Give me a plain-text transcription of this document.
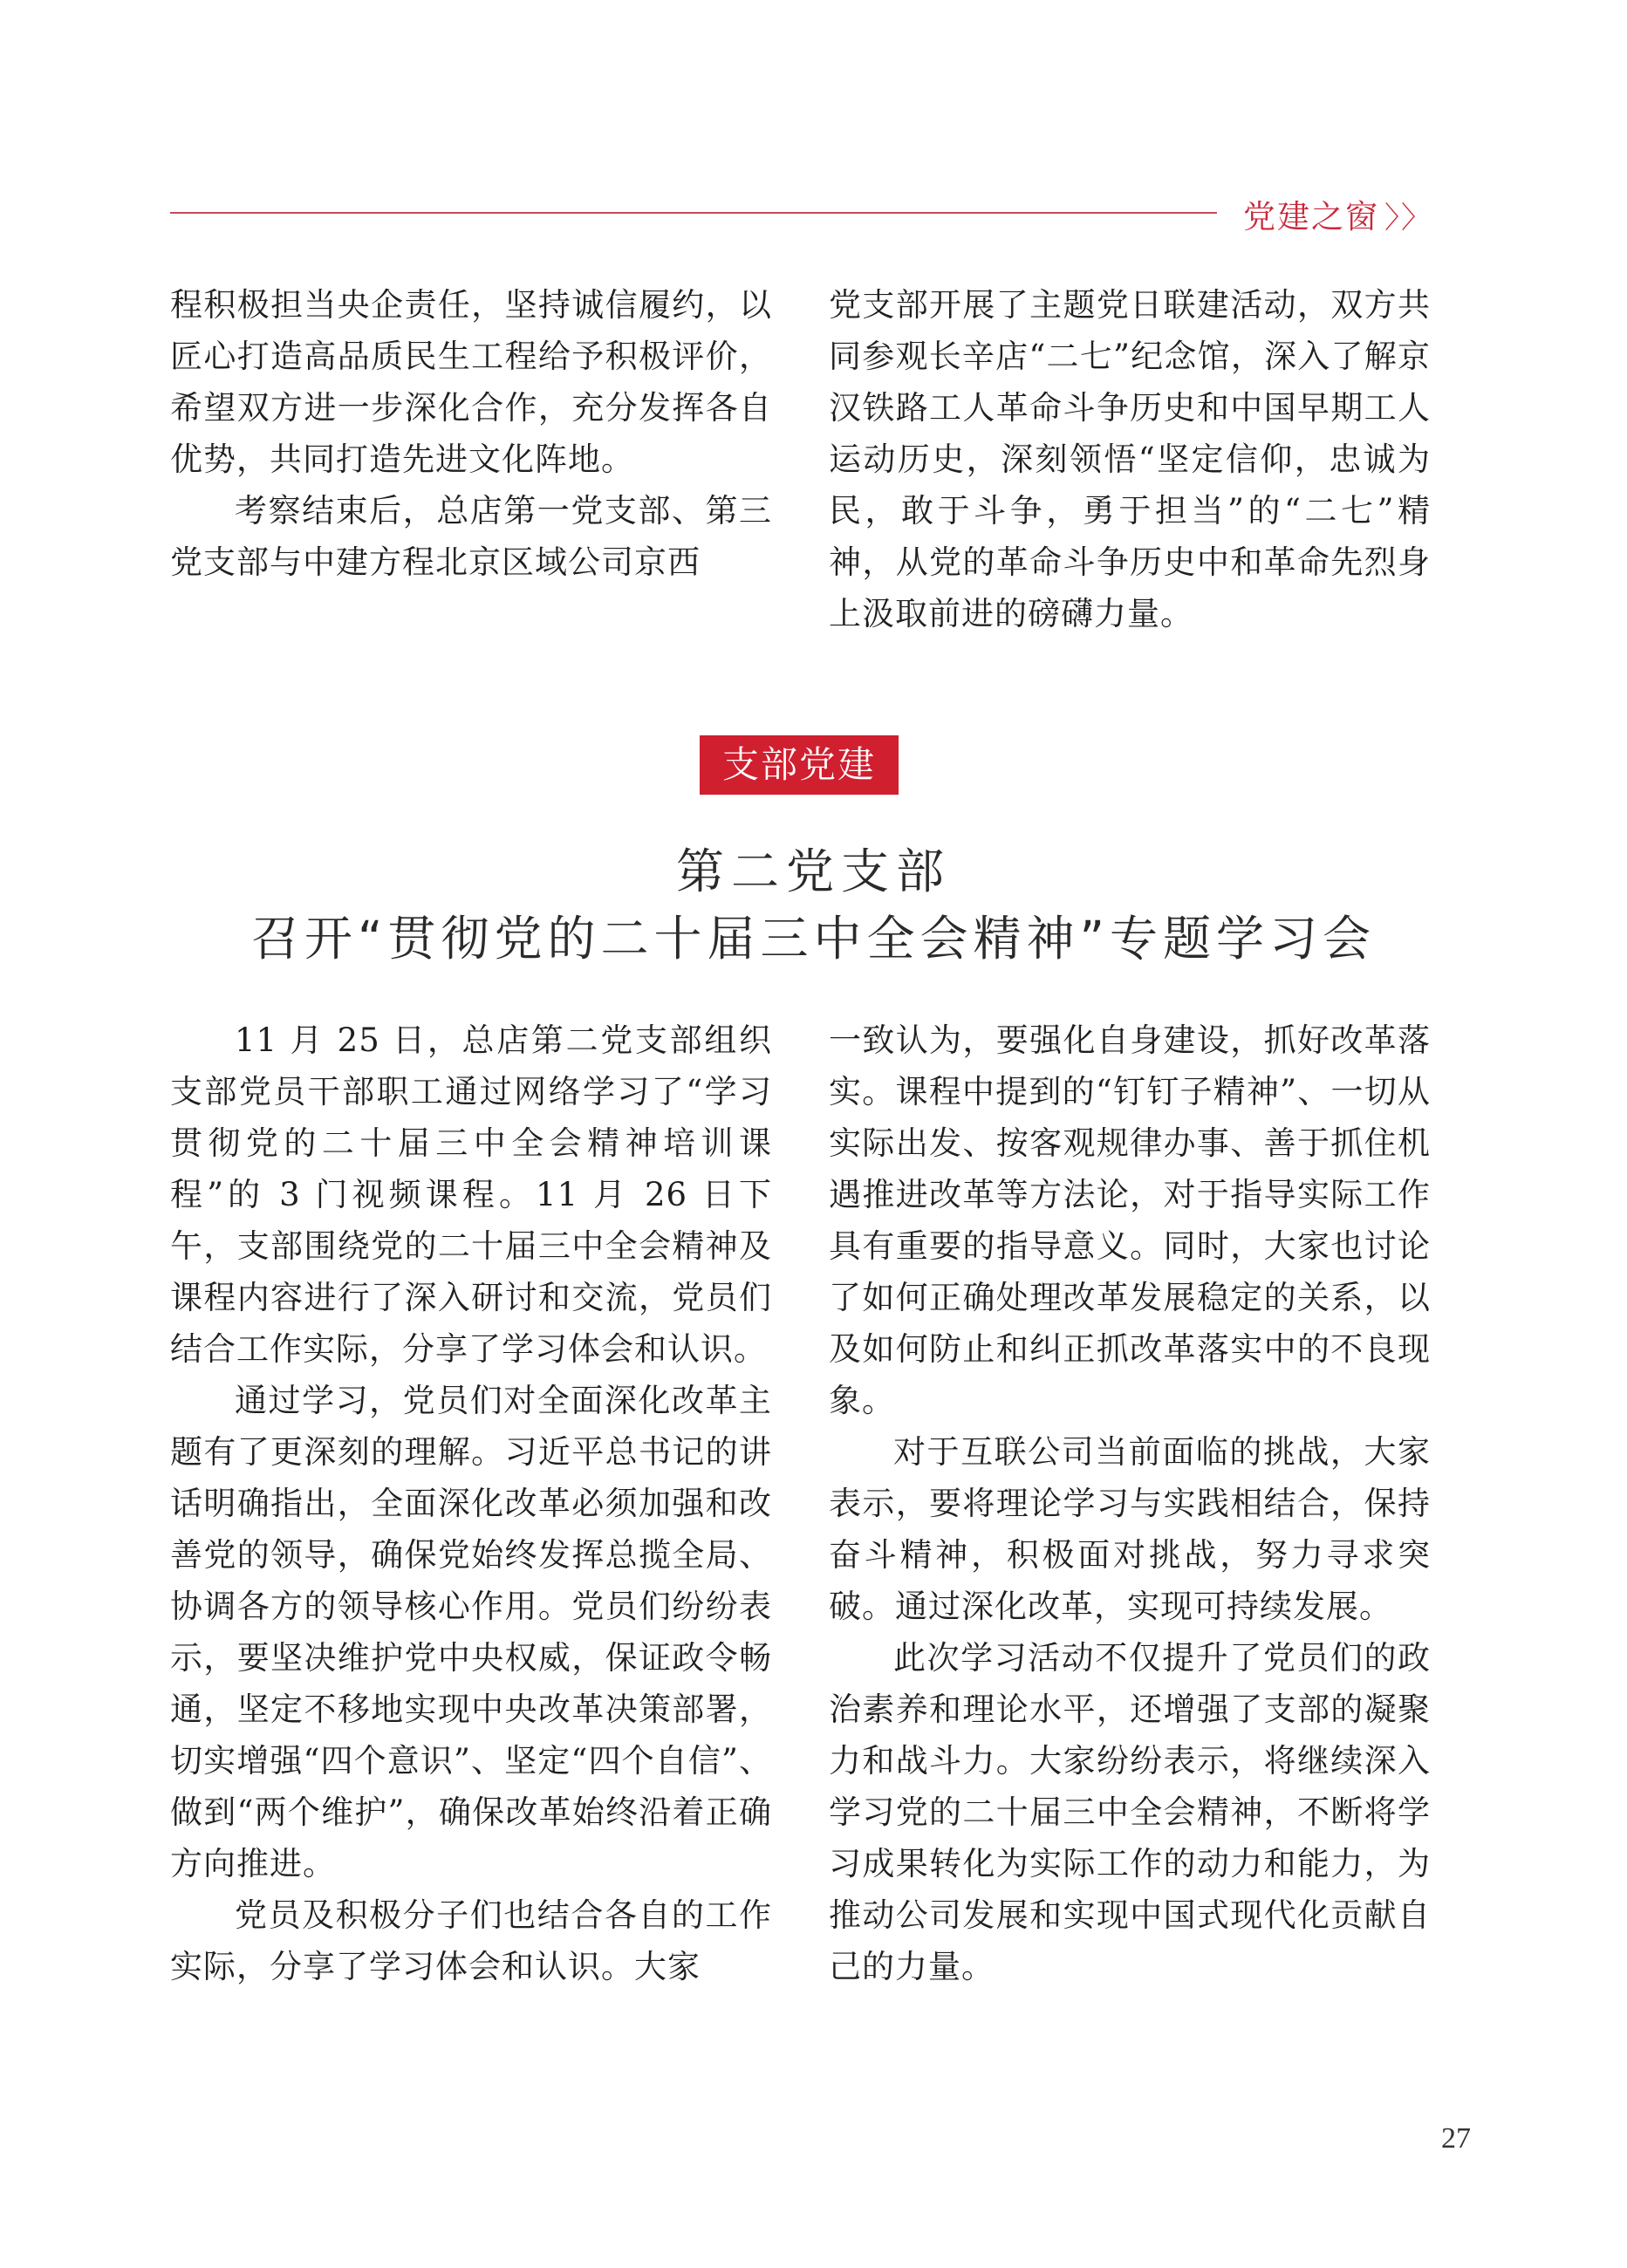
党建之窗 〉〉

程积极担当央企责任，坚持诚信履约，以匠心打造高品质民生工程给予积极评价，希望双方进一步深化合作，充分发挥各自优势，共同打造先进文化阵地。

考察结束后，总店第一党支部、第三党支部与中建方程北京区域公司京西

党支部开展了主题党日联建活动，双方共同参观长辛店“二七”纪念馆，深入了解京汉铁路工人革命斗争历史和中国早期工人运动历史，深刻领悟“坚定信仰，忠诚为民，敢于斗争，勇于担当”的“二七”精神，从党的革命斗争历史中和革命先烈身上汲取前进的磅礴力量。

支部党建
第二党支部
召开“贯彻党的二十届三中全会精神”专题学习会

11 月 25 日，总店第二党支部组织支部党员干部职工通过网络学习了“学习贯彻党的二十届三中全会精神培训课程”的 3 门视频课程。11 月 26 日下午，支部围绕党的二十届三中全会精神及课程内容进行了深入研讨和交流，党员们结合工作实际，分享了学习体会和认识。

通过学习，党员们对全面深化改革主题有了更深刻的理解。习近平总书记的讲话明确指出，全面深化改革必须加强和改善党的领导，确保党始终发挥总揽全局、协调各方的领导核心作用。党员们纷纷表示，要坚决维护党中央权威，保证政令畅通，坚定不移地实现中央改革决策部署，切实增强“四个意识”、坚定“四个自信”、做到“两个维护”，确保改革始终沿着正确方向推进。

党员及积极分子们也结合各自的工作实际，分享了学习体会和认识。大家

一致认为，要强化自身建设，抓好改革落实。课程中提到的“钉钉子精神”、一切从实际出发、按客观规律办事、善于抓住机遇推进改革等方法论，对于指导实际工作具有重要的指导意义。同时，大家也讨论了如何正确处理改革发展稳定的关系，以及如何防止和纠正抓改革落实中的不良现象。

对于互联公司当前面临的挑战，大家表示，要将理论学习与实践相结合，保持奋斗精神，积极面对挑战，努力寻求突破。通过深化改革，实现可持续发展。

此次学习活动不仅提升了党员们的政治素养和理论水平，还增强了支部的凝聚力和战斗力。大家纷纷表示，将继续深入学习党的二十届三中全会精神，不断将学习成果转化为实际工作的动力和能力，为推动公司发展和实现中国式现代化贡献自己的力量。

27
